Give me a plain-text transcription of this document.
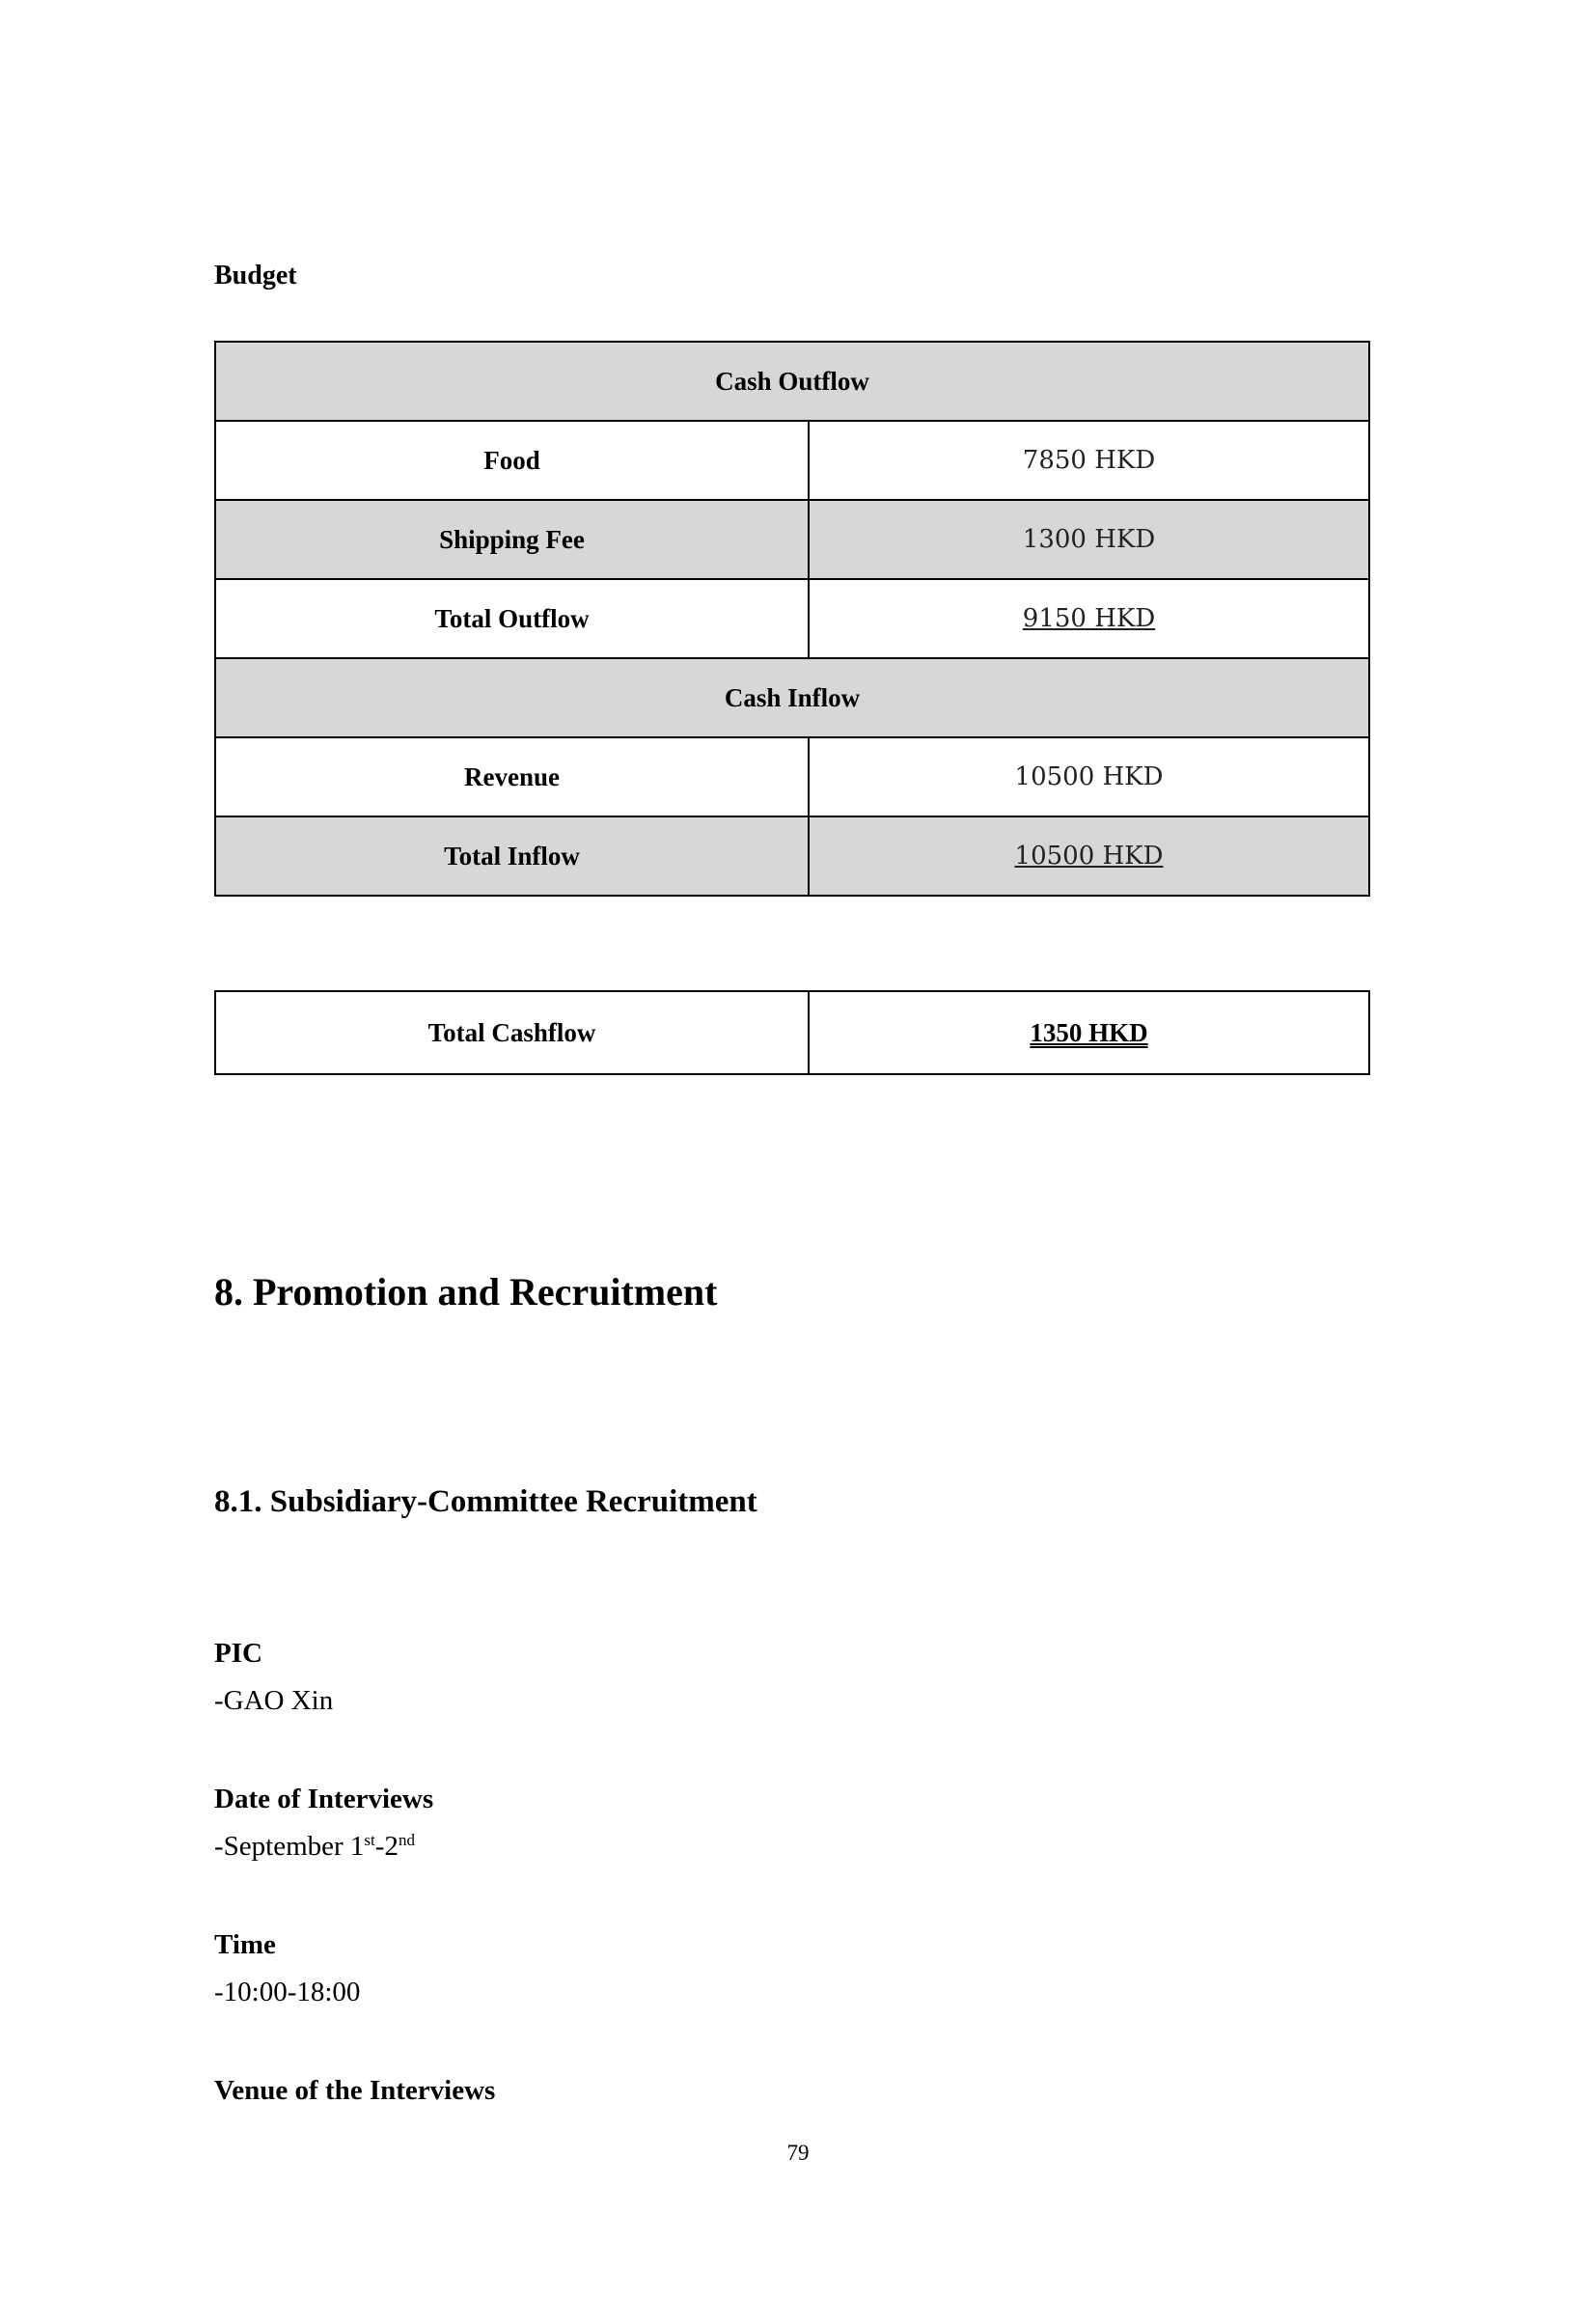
Budget
Cash Outflow	
Food	7850 HKD
Shipping Fee	1300 HKD
Total Outflow	9150 HKD
Cash Inflow	
Revenue	10500 HKD
Total Inflow	10500 HKD
Total Cashflow	1350 HKD
8. Promotion and Recruitment
8.1. Subsidiary-Committee Recruitment
PIC
-GAO Xin
Date of Interviews
-September 1st-2nd
Time
-10:00-18:00
Venue of the Interviews
79
